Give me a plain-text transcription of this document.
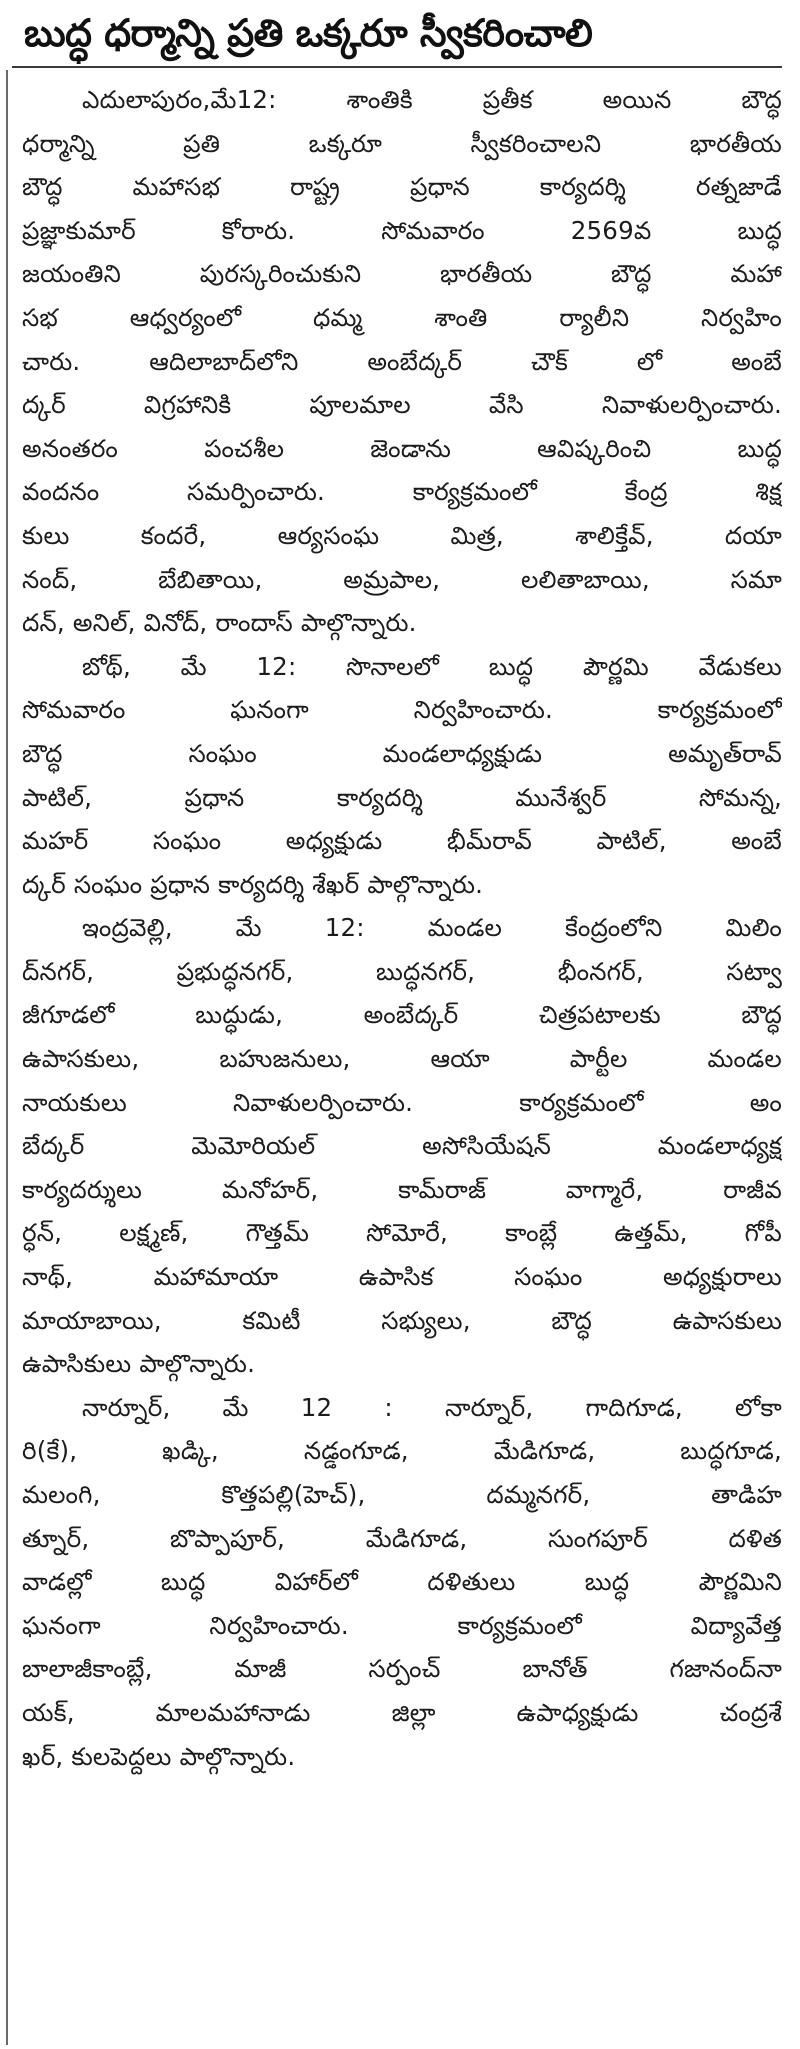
బుద్ధ ధర్మాన్ని ప్రతి ఒక్కరూ స్వీకరించాలి
ఎదులాపురం,మే12: శాంతికి ప్రతీక అయిన బౌద్ధ
ధర్మాన్ని ప్రతి ఒక్కరూ స్వీకరించాలని భారతీయ
బౌద్ధ మహాసభ రాష్ట్ర ప్రధాన కార్యదర్శి రత్నజాడే
ప్రజ్ఞాకుమార్ కోరారు. సోమవారం 2569వ బుద్ధ
జయంతిని పురస్కరించుకుని భారతీయ బౌద్ధ మహా
సభ ఆధ్వర్యంలో ధమ్మ శాంతి ర్యాలీని నిర్వహిం
చారు. ఆదిలాబాద్‌లోని అంబేద్కర్ చౌక్ లో అంబే
ద్కర్ విగ్రహానికి పూలమాల వేసి నివాళులర్పించారు.
అనంతరం పంచశీల జెండాను ఆవిష్కరించి బుద్ధ
వందనం సమర్పించారు. కార్యక్రమంలో కేంద్ర శిక్ష
కులు కందరే, ఆర్యసంఘ మిత్ర, శాలిక్తేవ్, దయా
నంద్, బేబితాయి, అమ్రపాల, లలితాబాయి, సమా
దన్, అనిల్, వినోద్, రాందాస్ పాల్గొన్నారు.
బోథ్, మే 12: సొనాలలో బుద్ధ పౌర్ణమి వేడుకలు
సోమవారం ఘనంగా నిర్వహించారు. కార్యక్రమంలో
బౌద్ధ సంఘం మండలాధ్యక్షుడు అమృత్‌రావ్
పాటిల్, ప్రధాన కార్యదర్శి మునేశ్వర్ సోమన్న,
మహర్ సంఘం అధ్యక్షుడు భీమ్‌రావ్ పాటిల్, అంబే
ద్కర్ సంఘం ప్రధాన కార్యదర్శి శేఖర్ పాల్గొన్నారు.
ఇంద్రవెల్లి, మే 12: మండల కేంద్రంలోని మిలిం
ద్‌నగర్, ప్రభుద్ధనగర్, బుద్ధనగర్, భీంనగర్, సట్వా
జీగూడలో బుద్ధుడు, అంబేద్కర్ చిత్రపటాలకు బౌద్ధ
ఉపాసకులు, బహుజనులు, ఆయా పార్టీల మండల
నాయకులు నివాళులర్పించారు. కార్యక్రమంలో అం
బేద్కర్ మెమోరియల్ అసోసియేషన్ మండలాధ్యక్ష
కార్యదర్శులు మనోహర్, కామ్‌రాజ్ వాగ్మారే, రాజీవ
ర్ధన్, లక్ష్మణ్, గౌత్తమ్ సోమోరే, కాంబ్లే ఉత్తమ్, గోపీ
నాథ్, మహామాయా ఉపాసిక సంఘం అధ్యక్షురాలు
మాయాబాయి, కమిటీ సభ్యులు, బౌద్ధ ఉపాసకులు
ఉపాసికులు పాల్గొన్నారు.
నార్నూర్, మే 12 : నార్నూర్, గాదిగూడ, లోకా
రి(కే), ఖడ్కి, నడ్డంగూడ, మేడిగూడ, బుద్ధగూడ,
మలంగి, కొత్తపల్లి(హెచ్), దమ్మనగర్, తాడిహ
త్నూర్, బొప్పాపూర్, మేడిగూడ, సుంగపూర్ దళిత
వాడల్లో బుద్ధ విహార్‌లో దళితులు బుద్ధ పౌర్ణమిని
ఘనంగా నిర్వహించారు. కార్యక్రమంలో విద్యావేత్త
బాలాజీకాంబ్లే, మాజీ సర్పంచ్ బానోత్ గజానంద్‌నా
యక్, మాలమహానాడు జిల్లా ఉపాధ్యక్షుడు చంద్రశే
ఖర్, కులపెద్దలు పాల్గొన్నారు.
